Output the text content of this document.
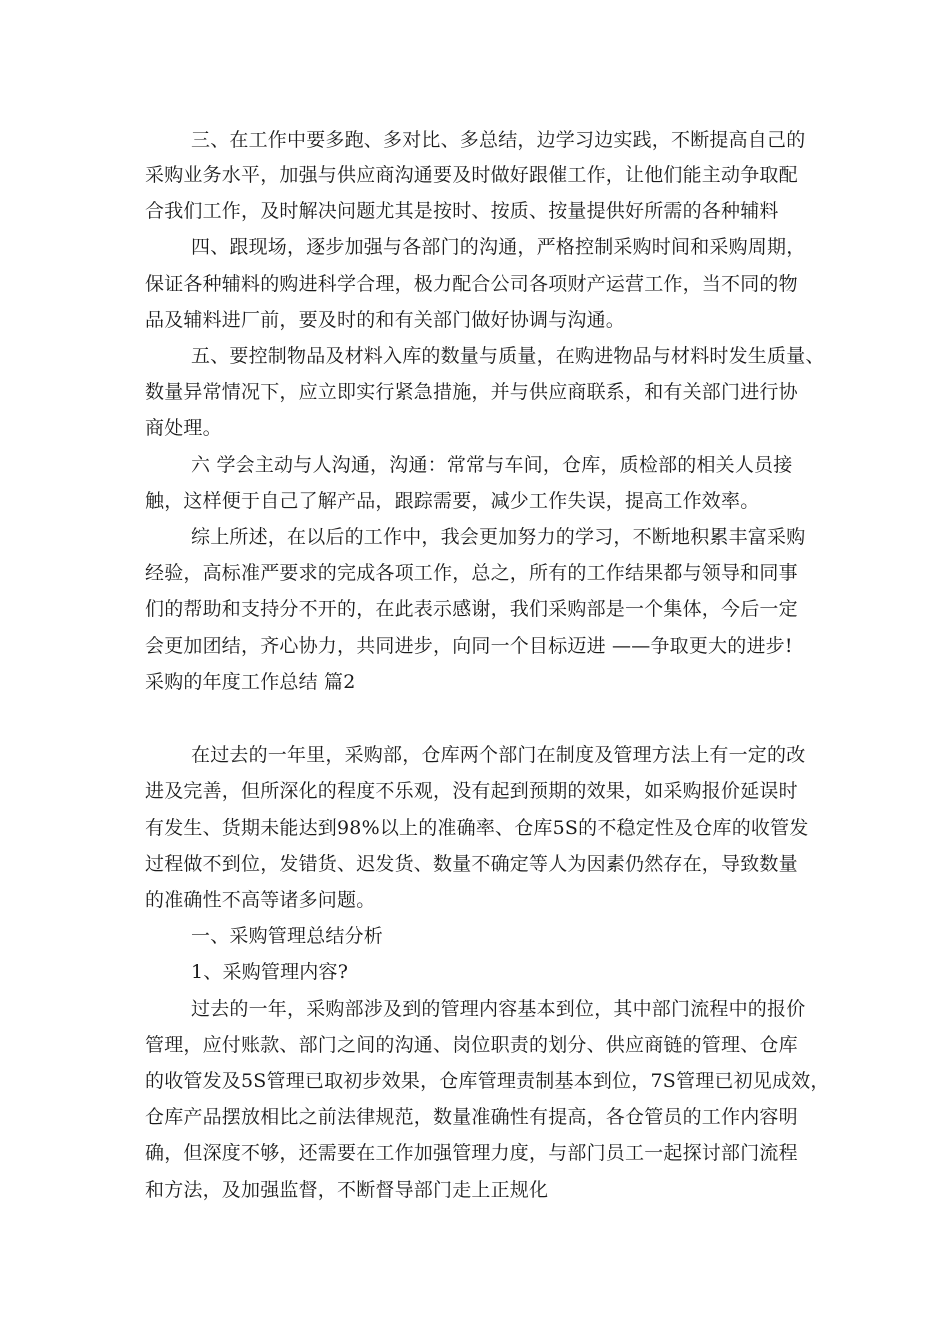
三、在工作中要多跑、多对比、多总结，边学习边实践，不断提高自己的
采购业务水平，加强与供应商沟通要及时做好跟催工作，让他们能主动争取配
合我们工作，及时解决问题尤其是按时、按质、按量提供好所需的各种辅料
四、跟现场，逐步加强与各部门的沟通，严格控制采购时间和采购周期，
保证各种辅料的购进科学合理，极力配合公司各项财产运营工作，当不同的物
品及辅料进厂前，要及时的和有关部门做好协调与沟通。
五、要控制物品及材料入库的数量与质量，在购进物品与材料时发生质量、
数量异常情况下，应立即实行紧急措施，并与供应商联系，和有关部门进行协
商处理。
六 学会主动与人沟通，沟通：常常与车间，仓库，质检部的相关人员接
触，这样便于自己了解产品，跟踪需要，减少工作失误，提高工作效率。
综上所述，在以后的工作中，我会更加努力的学习，不断地积累丰富采购
经验，高标准严要求的完成各项工作，总之，所有的工作结果都与领导和同事
们的帮助和支持分不开的，在此表示感谢，我们采购部是一个集体，今后一定
会更加团结，齐心协力，共同进步，向同一个目标迈进 ——争取更大的进步!
采购的年度工作总结 篇2
在过去的一年里，采购部，仓库两个部门在制度及管理方法上有一定的改
进及完善，但所深化的程度不乐观，没有起到预期的效果，如采购报价延误时
有发生、货期未能达到98%以上的准确率、仓库5S的不稳定性及仓库的收管发
过程做不到位，发错货、迟发货、数量不确定等人为因素仍然存在，导致数量
的准确性不高等诸多问题。
一、采购管理总结分析
1、采购管理内容?
过去的一年，采购部涉及到的管理内容基本到位，其中部门流程中的报价
管理，应付账款、部门之间的沟通、岗位职责的划分、供应商链的管理、仓库
的收管发及5S管理已取初步效果，仓库管理责制基本到位，7S管理已初见成效，
仓库产品摆放相比之前法律规范，数量准确性有提高，各仓管员的工作内容明
确，但深度不够，还需要在工作加强管理力度，与部门员工一起探讨部门流程
和方法，及加强监督，不断督导部门走上正规化
